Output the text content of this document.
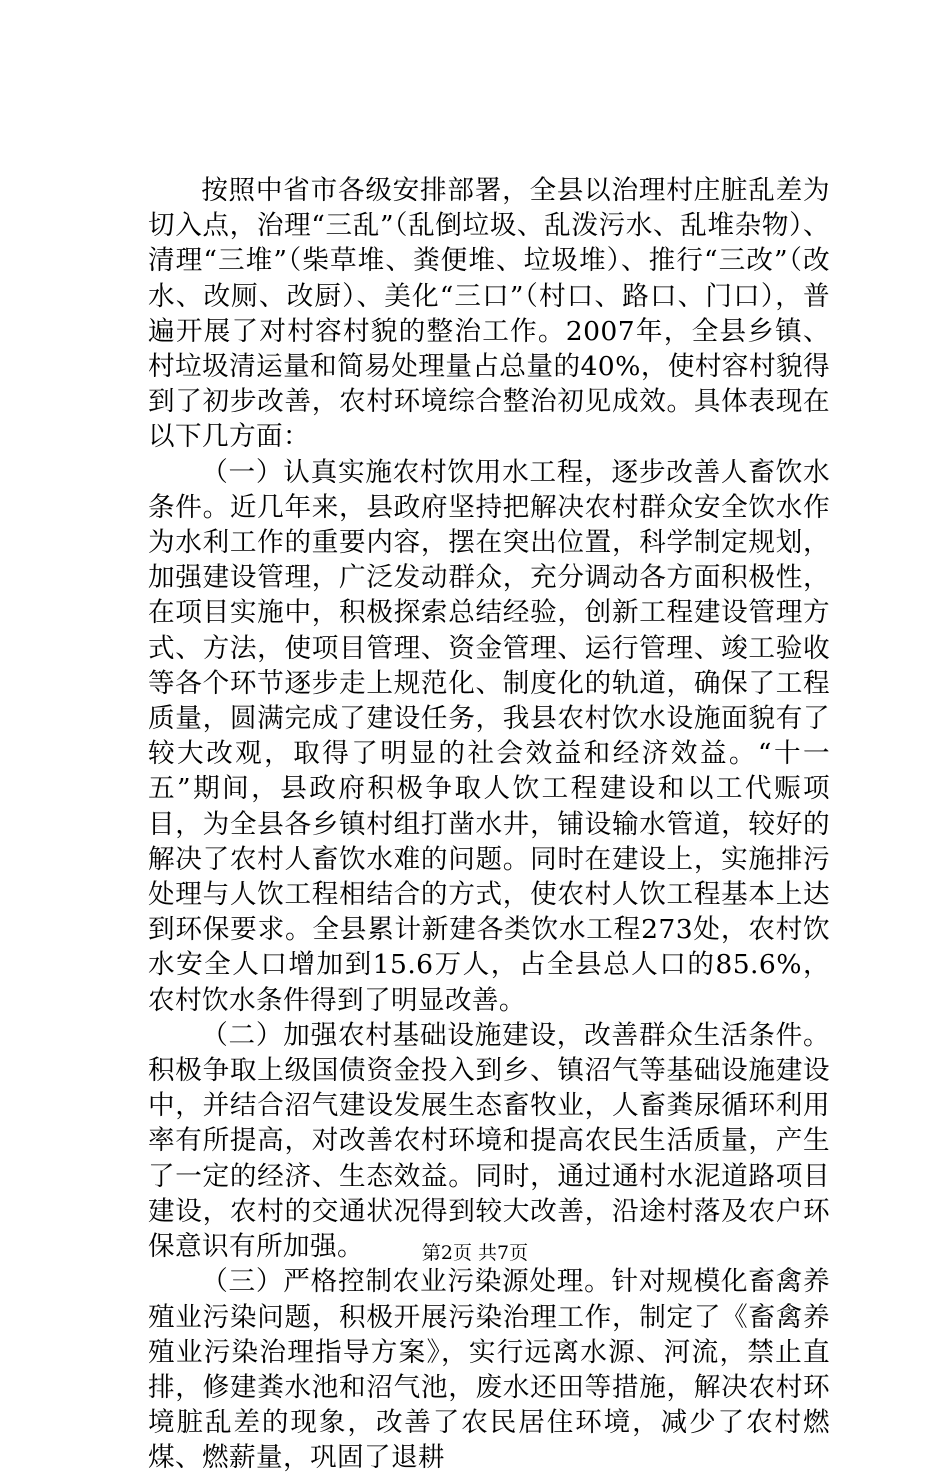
按照中省市各级安排部署，全县以治理村庄脏乱差为切入点，治理“三乱”（乱倒垃圾、乱泼污水、乱堆杂物）、清理“三堆”（柴草堆、粪便堆、垃圾堆）、推行“三改”（改水、改厕、改厨）、美化“三口”（村口、路口、门口），普遍开展了对村容村貌的整治工作。2007年，全县乡镇、村垃圾清运量和简易处理量占总量的40%，使村容村貌得到了初步改善，农村环境综合整治初见成效。具体表现在以下几方面：

（一）认真实施农村饮用水工程，逐步改善人畜饮水条件。近几年来，县政府坚持把解决农村群众安全饮水作为水利工作的重要内容，摆在突出位置，科学制定规划，加强建设管理，广泛发动群众，充分调动各方面积极性，在项目实施中，积极探索总结经验，创新工程建设管理方式、方法，使项目管理、资金管理、运行管理、竣工验收等各个环节逐步走上规范化、制度化的轨道，确保了工程质量，圆满完成了建设任务，我县农村饮水设施面貌有了较大改观，取得了明显的社会效益和经济效益。“十一五”期间，县政府积极争取人饮工程建设和以工代赈项目，为全县各乡镇村组打凿水井，铺设输水管道，较好的解决了农村人畜饮水难的问题。同时在建设上，实施排污处理与人饮工程相结合的方式，使农村人饮工程基本上达到环保要求。全县累计新建各类饮水工程273处，农村饮水安全人口增加到15.6万人，占全县总人口的85.6%，农村饮水条件得到了明显改善。

（二）加强农村基础设施建设，改善群众生活条件。积极争取上级国债资金投入到乡、镇沼气等基础设施建设中，并结合沼气建设发展生态畜牧业，人畜粪尿循环利用率有所提高，对改善农村环境和提高农民生活质量，产生了一定的经济、生态效益。同时，通过通村水泥道路项目建设，农村的交通状况得到较大改善，沿途村落及农户环保意识有所加强。

（三）严格控制农业污染源处理。针对规模化畜禽养殖业污染问题，积极开展污染治理工作，制定了《畜禽养殖业污染治理指导方案》，实行远离水源、河流，禁止直排，修建粪水池和沼气池，废水还田等措施，解决农村环境脏乱差的现象，改善了农民居住环境，减少了农村燃煤、燃薪量，巩固了退耕

第2页 共7页
